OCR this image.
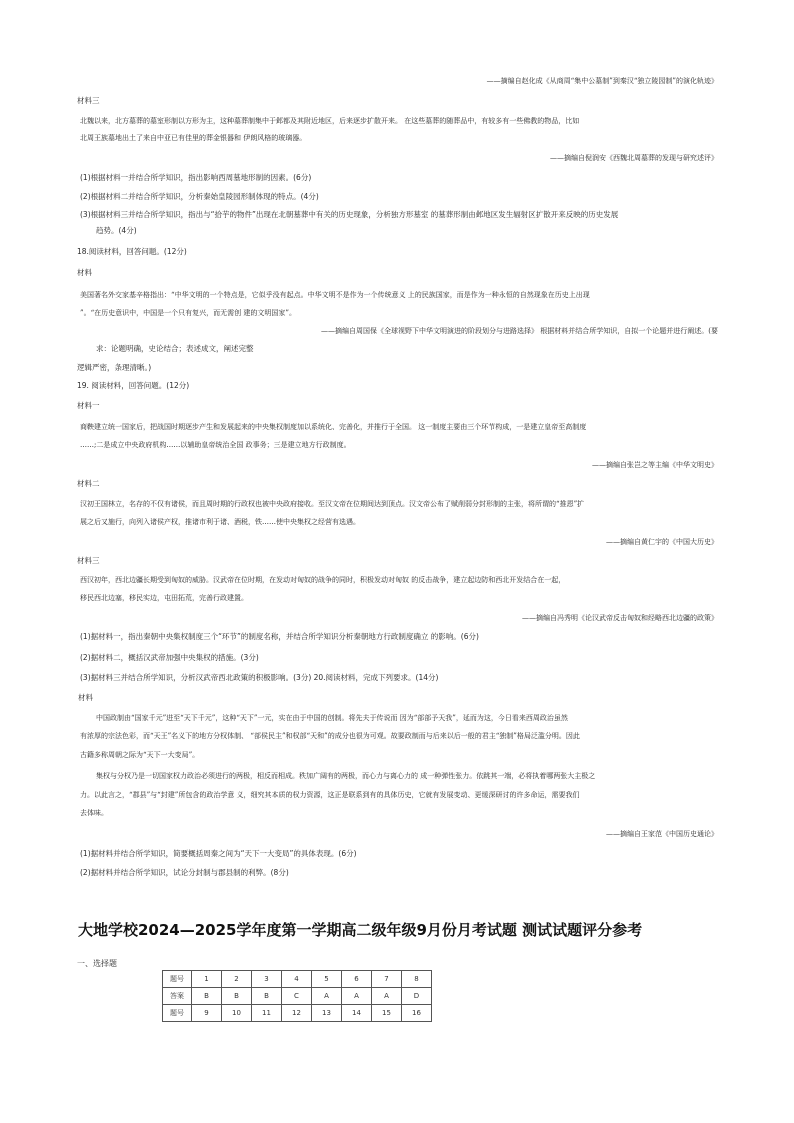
——摘编自赵化成《从商周“集中公墓制”到秦汉“独立陵园制”的演化轨迹》
材料三
北魏以来，北方墓葬的墓室形制以方形为主，这种墓葬制集中于邺都及其附近地区，后来逐步扩散开来。 在这些墓葬的随葬品中，有较多有一些佛教的物品，比如
北周王族墓地出土了来自中亚已有佳里的葬金银器和 伊朗风格的玻璃器。
——摘编自倪润安《西魏北周墓葬的发现与研究述评》
(1)根据材料一并结合所学知识，指出影响西周墓地形制的因素。(6分)
(2)根据材料二并结合所学知识，分析秦始皇陵园形制体现的特点。(4分)
(3)根据材料三并结合所学知识，指出与“拾芋的物件”出现在北朝墓葬中有关的历史现象，分析独方形墓室 的墓葬形制由邺地区发生辐射区扩散开来反映的历史发展
趋势。(4分)
18.阅读材料，回答问题。(12分)
材料
美国著名外交家基辛格指出：“中华文明的一个特点是，它似乎没有起点。中华文明不是作为一个传统意义 上的民族国家，而是作为一种永恒的自然现象在历史上出现
”。“在历史意识中，中国是一个只有复兴，而无需创 建的文明国家”。
——摘编自周国保《全球视野下中华文明演进的阶段划分与进路选择》 根据材料并结合所学知识，自拟一个论题并进行阐述。(要
求：论题明确，史论结合；表述成文，阐述完整
逻辑严密，条理清晰。)
19. 阅读材料，回答问题。(12分)
材料一
商鞅建立统一国家后，把战国时期逐步产生和发展起来的中央集权制度加以系统化、完善化，并推行于全国。 这一制度主要由三个环节构成，一是建立皇帝至高制度
……;二是成立中央政府机构……以辅助皇帝统治全国 政事务；三是建立地方行政制度。
——摘编自张岂之等主编《中华文明史》
材料二
汉初王国林立，名存的不仅有诸侯，而且周时期的行政权也被中央政府接收。至汉文帝在位期间达到顶点。汉文帝公布了赋削弱分封形制的主张，将所谓的“推恩”扩
展之后又施行，向列入诸侯产权，推诸市利于诸、酒税，铁……使中央集权之经营有选遇。
——摘编自黄仁宇的《中国大历史》
材料三
西汉初年，西北边疆长期受到匈奴的威胁。汉武帝在位时期，在发动对匈奴的战争的同时，积极发动对匈奴 的反击战争，建立起边防和西北开发结合在一起，
移民西北边塞，移民实边，屯田拓荒，完善行政建置。
——摘编自冯秀明《论汉武帝反击匈奴和经略西北边疆的政策》
(1)据材料一，指出秦朝中央集权制度三个“环节”的制度名称，并结合所学知识分析秦朝地方行政制度确立 的影响。(6分)
(2)据材料二，概括汉武帝加强中央集权的措施。(3分)
(3)据材料三并结合所学知识，分析汉武帝西北政策的积极影响。(3分) 20.阅读材料，完成下列要求。(14分)
材料
中国政制由“国家千元”进至“天下千元”，这种“天下”一元，实在由于中国的创制。将先夫于传说而 因为“部部予天我”，延而为这，今日看来西周政治虽然
有浓厚的宗法色彩，而“天王”名义下的地方分权体制、 “部侯民主”和权部“天和”的成分也很为可观。故要政制而与后来以后一般的君主“独制”格局泛滥分明。因此
古籍多称周朝之际为“天下一大变局”。
集权与分权乃是一切国家权力政治必须进行的两极，相反而相成。秩加广阔有的两极，而心力与离心力的 成一种弹性张力。依跳其一端，必将执着哪两张大主极之
力。以此言之，“郡县”与“封建”所包含的政治学意 义，细究其本质的权力资源，这正是联系到有的具体历史，它就有发展变动、更缓深研讨的许多命运，需要我们
去体味。
——摘编自王家范《中国历史通论》
(1)据材料并结合所学知识，简要概括周秦之间为“天下一大变局”的具体表现。(6分)
(2)据材料并结合所学知识，试论分封制与郡县制的利弊。(8分)
大地学校2024—2025学年度第一学期高二级年级9月份月考试题 测试试题评分参考
一、选择题
题号	1	2	3	4	5	6	7	8
答案	B	B	B	C	A	A	A	D
题号	9	10	11	12	13	14	15	16
